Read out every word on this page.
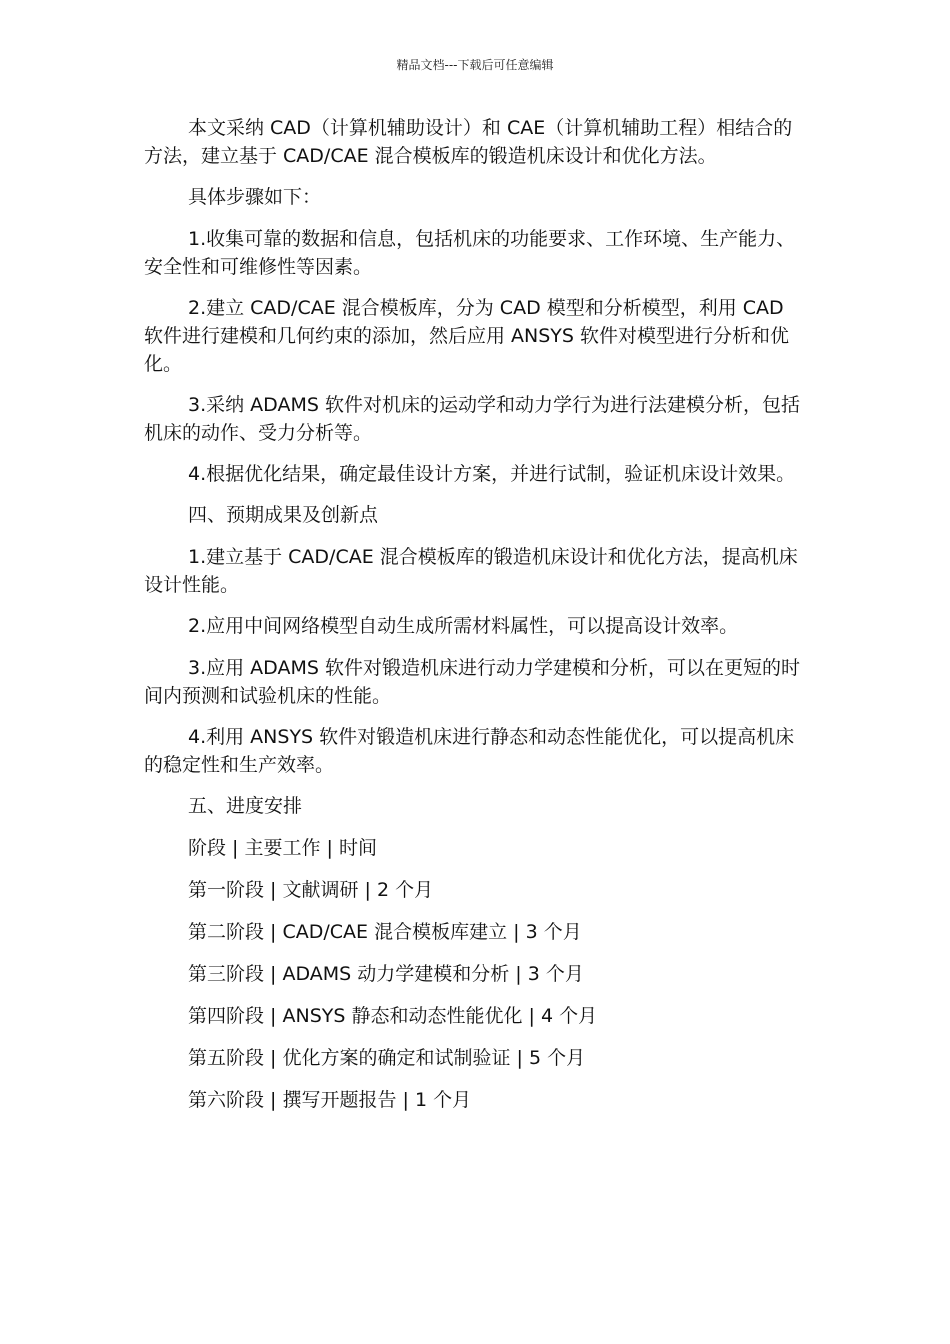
精品文档---下载后可任意编辑

本文采纳 CAD（计算机辅助设计）和 CAE（计算机辅助工程）相结合的方法，建立基于 CAD/CAE 混合模板库的锻造机床设计和优化方法。

具体步骤如下：

1.收集可靠的数据和信息，包括机床的功能要求、工作环境、生产能力、安全性和可维修性等因素。

2.建立 CAD/CAE 混合模板库，分为 CAD 模型和分析模型，利用 CAD 软件进行建模和几何约束的添加，然后应用 ANSYS 软件对模型进行分析和优化。

3.采纳 ADAMS 软件对机床的运动学和动力学行为进行法建模分析，包括机床的动作、受力分析等。

4.根据优化结果，确定最佳设计方案，并进行试制，验证机床设计效果。

四、预期成果及创新点

1.建立基于 CAD/CAE 混合模板库的锻造机床设计和优化方法，提高机床设计性能。

2.应用中间网络模型自动生成所需材料属性，可以提高设计效率。

3.应用 ADAMS 软件对锻造机床进行动力学建模和分析，可以在更短的时间内预测和试验机床的性能。

4.利用 ANSYS 软件对锻造机床进行静态和动态性能优化，可以提高机床的稳定性和生产效率。

五、进度安排

阶段 | 主要工作 | 时间

第一阶段 | 文献调研 | 2 个月

第二阶段 | CAD/CAE 混合模板库建立 | 3 个月

第三阶段 | ADAMS 动力学建模和分析 | 3 个月

第四阶段 | ANSYS 静态和动态性能优化 | 4 个月

第五阶段 | 优化方案的确定和试制验证 | 5 个月

第六阶段 | 撰写开题报告 | 1 个月
